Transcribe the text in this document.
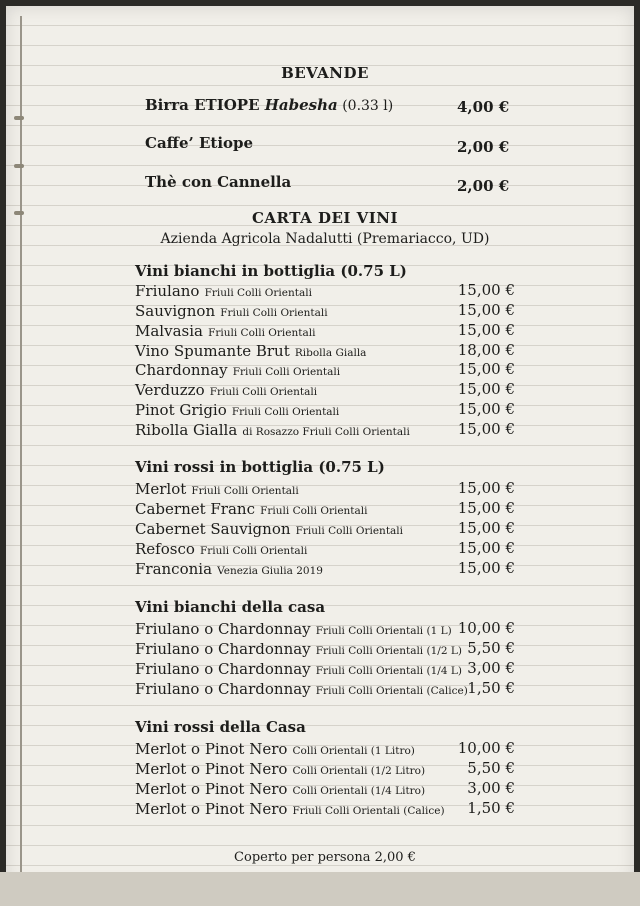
BEVANDE
Birra ETIOPE Habesha (0.33 l)	4,00 €
Caffe’ Etiope	2,00 €
Thè con Cannella	2,00 €
CARTA DEI VINI
Azienda Agricola Nadalutti (Premariacco, UD)
Vini bianchi in bottiglia (0.75 L)
Friulano Friuli Colli Orientali	15,00 €
Sauvignon Friuli Colli Orientali	15,00 €
Malvasia Friuli Colli Orientali	15,00 €
Vino Spumante Brut Ribolla Gialla	18,00 €
Chardonnay Friuli Colli Orientali	15,00 €
Verduzzo Friuli Colli Orientali	15,00 €
Pinot Grigio Friuli Colli Orientali	15,00 €
Ribolla Gialla di Rosazzo Friuli Colli Orientali	15,00 €
Vini rossi in bottiglia (0.75 L)
Merlot Friuli Colli Orientali	15,00 €
Cabernet Franc Friuli Colli Orientali	15,00 €
Cabernet Sauvignon Friuli Colli Orientali	15,00 €
Refosco Friuli Colli Orientali	15,00 €
Franconia Venezia Giulia 2019	15,00 €
Vini bianchi della casa
Friulano o Chardonnay Friuli Colli Orientali (1 L) 10,00 €
Friulano o Chardonnay Friuli Colli Orientali (1/2 L) 5,50 €
Friulano o Chardonnay Friuli Colli Orientali (1/4 L) 3,00 €
Friulano o Chardonnay Friuli Colli Orientali (Calice) 1,50 €
Vini rossi della Casa
Merlot o Pinot Nero Colli Orientali (1 Litro)	10,00 €
Merlot o Pinot Nero Colli Orientali (1/2 Litro)	5,50 €
Merlot o Pinot Nero Colli Orientali (1/4 Litro)	3,00 €
Merlot o Pinot Nero Friuli Colli Orientali (Calice) 1,50 €
Coperto per persona 2,00 €
